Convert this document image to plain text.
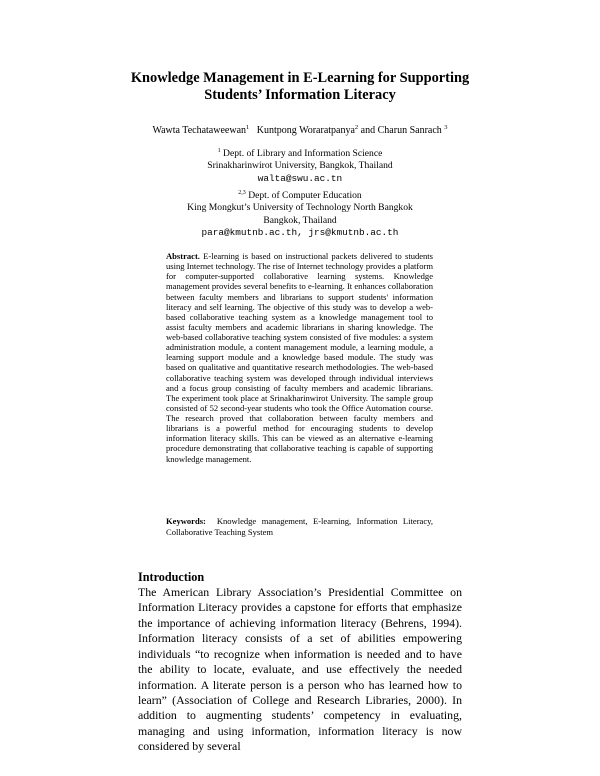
Knowledge Management in E-Learning for Supporting
Students’ Information Literacy
Wawta Techataweewan$^1$ Kuntpong Woraratpanya$^2$ and Charun Sanrach $^3$
$^1$ Dept. of Library and Information Science
Srinakharinwirot University, Bangkok, Thailand
walta@swu.ac.tn
$^{2,3}$ Dept. of Computer Education
King Mongkut’s University of Technology North Bangkok
Bangkok, Thailand
para@kmutnb.ac.th, jrs@kmutnb.ac.th
Abstract. E-learning is based on instructional packets delivered to students using Internet technology. The rise of Internet technology provides a platform for computer-supported collaborative learning systems. Knowledge management provides several benefits to e-learning. It enhances collaboration between faculty members and librarians to support students' information literacy and self learning. The objective of this study was to develop a web-based collaborative teaching system as a knowledge management tool to assist faculty members and academic librarians in sharing knowledge. The web-based collaborative teaching system consisted of five modules: a system administration module, a content management module, a learning module, a learning support module and a knowledge based module. The study was based on qualitative and quantitative research methodologies. The web-based collaborative teaching system was developed through individual interviews and a focus group consisting of faculty members and academic librarians. The experiment took place at Srinakharinwirot University. The sample group consisted of 52 second-year students who took the Office Automation course. The research proved that collaboration between faculty members and librarians is a powerful method for encouraging students to develop information literacy skills. This can be viewed as an alternative e-learning procedure demonstrating that collaborative teaching is capable of supporting knowledge management.
Keywords: Knowledge management, E-learning, Information Literacy, Collaborative Teaching System
Introduction
The American Library Association’s Presidential Committee on Information Literacy provides a capstone for efforts that emphasize the importance of achieving information literacy (Behrens, 1994). Information literacy consists of a set of abilities empowering individuals “to recognize when information is needed and to have the ability to locate, evaluate, and use effectively the needed information. A literate person is a person who has learned how to learn” (Association of College and Research Libraries, 2000). In addition to augmenting students’ competency in evaluating, managing and using information, information literacy is now considered by several
